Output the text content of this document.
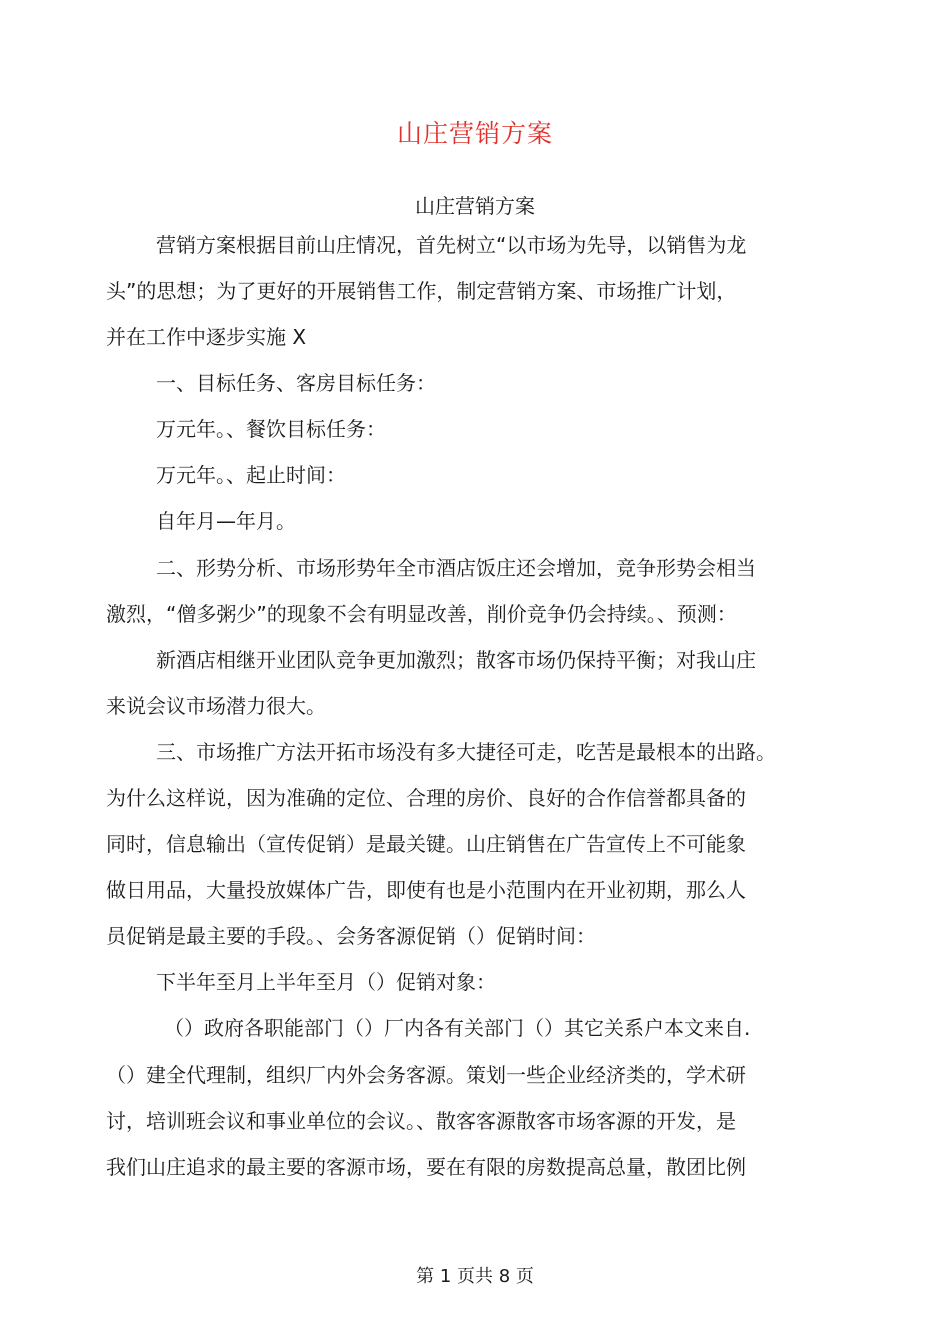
山庄营销方案
山庄营销方案
营销方案根据目前山庄情况，首先树立“以市场为先导，以销售为龙
头”的思想；为了更好的开展销售工作，制定营销方案、市场推广计划，
并在工作中逐步实施 X
一、目标任务、客房目标任务：
万元年。、餐饮目标任务：
万元年。、起止时间：
自年月—年月。
二、形势分析、市场形势年全市酒店饭庄还会增加，竞争形势会相当
激烈，“僧多粥少”的现象不会有明显改善，削价竞争仍会持续。、预测：
新酒店相继开业团队竞争更加激烈；散客市场仍保持平衡；对我山庄
来说会议市场潜力很大。
三、市场推广方法开拓市场没有多大捷径可走，吃苦是最根本的出路。
为什么这样说，因为准确的定位、合理的房价、良好的合作信誉都具备的
同时，信息输出（宣传促销）是最关键。山庄销售在广告宣传上不可能象
做日用品，大量投放媒体广告，即使有也是小范围内在开业初期，那么人
员促销是最主要的手段。、会务客源促销（）促销时间：
下半年至月上半年至月（）促销对象：
（）政府各职能部门（）厂内各有关部门（）其它关系户本文来自.
（）建全代理制，组织厂内外会务客源。策划一些企业经济类的，学术研
讨，培训班会议和事业单位的会议。、散客客源散客市场客源的开发，是
我们山庄追求的最主要的客源市场，要在有限的房数提高总量，散团比例
第 1 页共 8 页
